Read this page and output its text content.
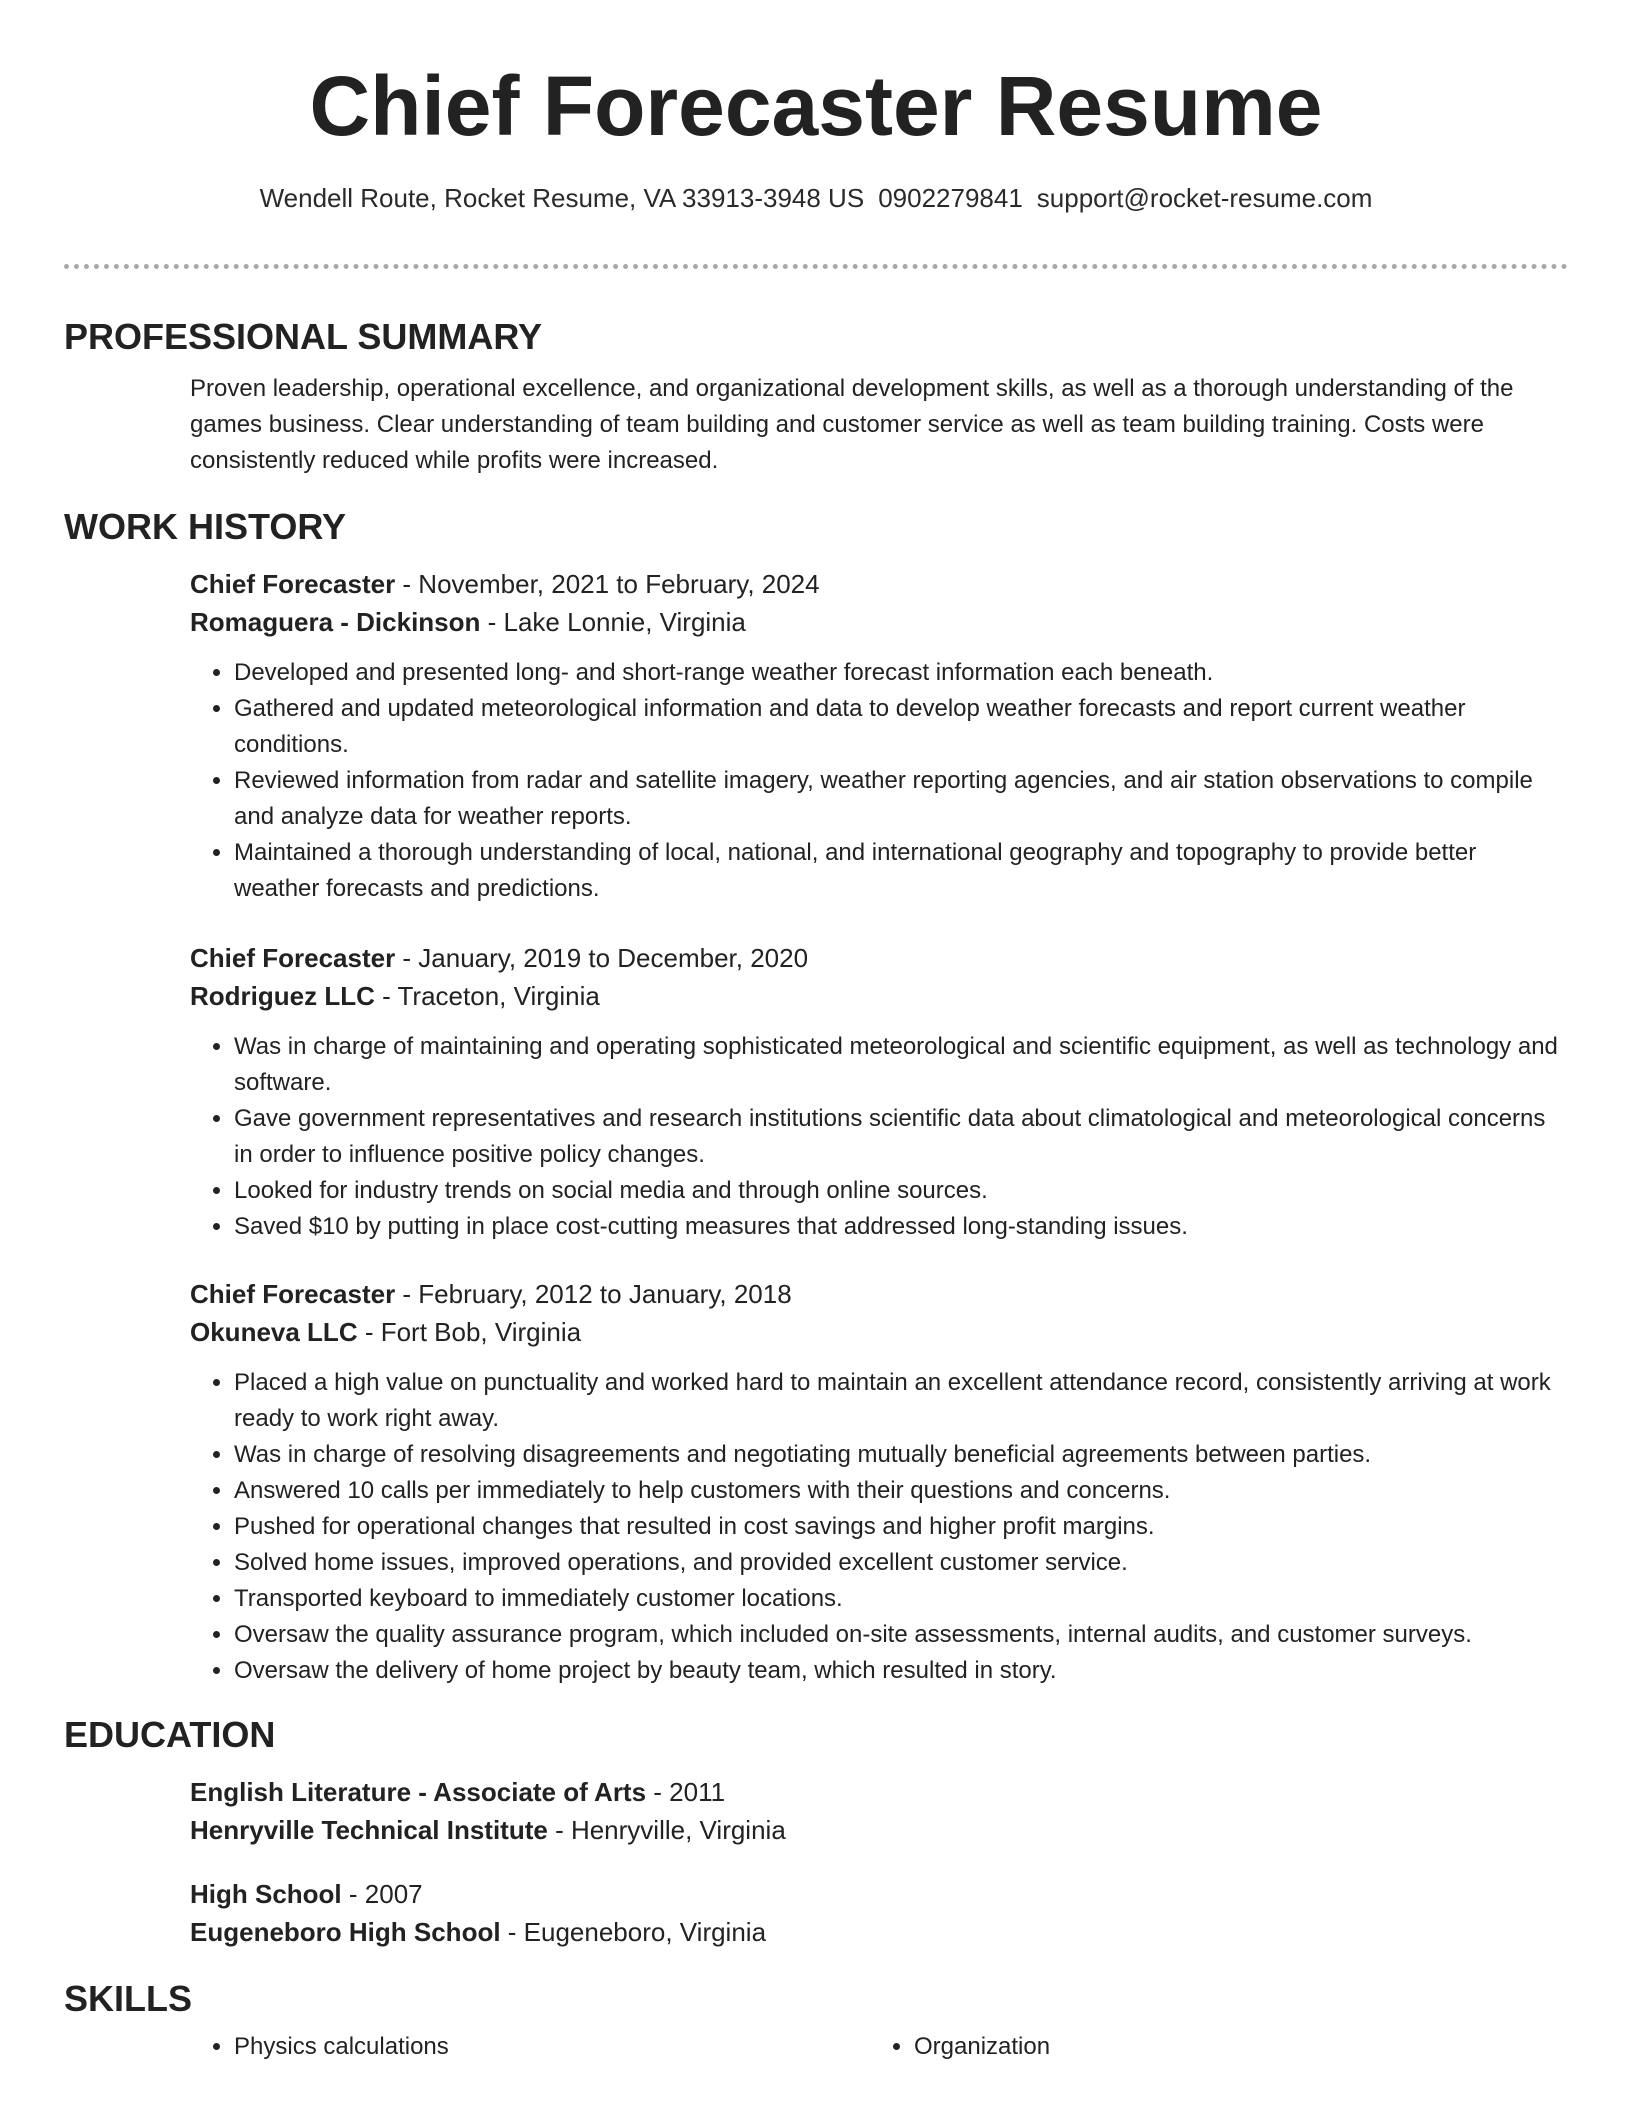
Chief Forecaster Resume
Wendell Route, Rocket Resume, VA 33913-3948 US 0902279841 support@rocket-resume.com
PROFESSIONAL SUMMARY

Proven leadership, operational excellence, and organizational development skills, as well as a thorough understanding of the games business. Clear understanding of team building and customer service as well as team building training. Costs were consistently reduced while profits were increased.

WORK HISTORY

Chief Forecaster - November, 2021 to February, 2024

Romaguera - Dickinson - Lake Lonnie, Virginia

• Developed and presented long- and short-range weather forecast information each beneath.
• Gathered and updated meteorological information and data to develop weather forecasts and report current weather conditions.
• Reviewed information from radar and satellite imagery, weather reporting agencies, and air station observations to compile and analyze data for weather reports.
• Maintained a thorough understanding of local, national, and international geography and topography to provide better weather forecasts and predictions.

Chief Forecaster - January, 2019 to December, 2020

Rodriguez LLC - Traceton, Virginia

• Was in charge of maintaining and operating sophisticated meteorological and scientific equipment, as well as technology and software.
• Gave government representatives and research institutions scientific data about climatological and meteorological concerns in order to influence positive policy changes.
• Looked for industry trends on social media and through online sources.
• Saved $10 by putting in place cost-cutting measures that addressed long-standing issues.

Chief Forecaster - February, 2012 to January, 2018

Okuneva LLC - Fort Bob, Virginia

• Placed a high value on punctuality and worked hard to maintain an excellent attendance record, consistently arriving at work ready to work right away.
• Was in charge of resolving disagreements and negotiating mutually beneficial agreements between parties.
• Answered 10 calls per immediately to help customers with their questions and concerns.
• Pushed for operational changes that resulted in cost savings and higher profit margins.
• Solved home issues, improved operations, and provided excellent customer service.
• Transported keyboard to immediately customer locations.
• Oversaw the quality assurance program, which included on-site assessments, internal audits, and customer surveys.
• Oversaw the delivery of home project by beauty team, which resulted in story.
EDUCATION

English Literature - Associate of Arts - 2011

Henryville Technical Institute - Henryville, Virginia

High School - 2007

Eugeneboro High School - Eugeneboro, Virginia

SKILLS
• Physics calculations
•	Organization
